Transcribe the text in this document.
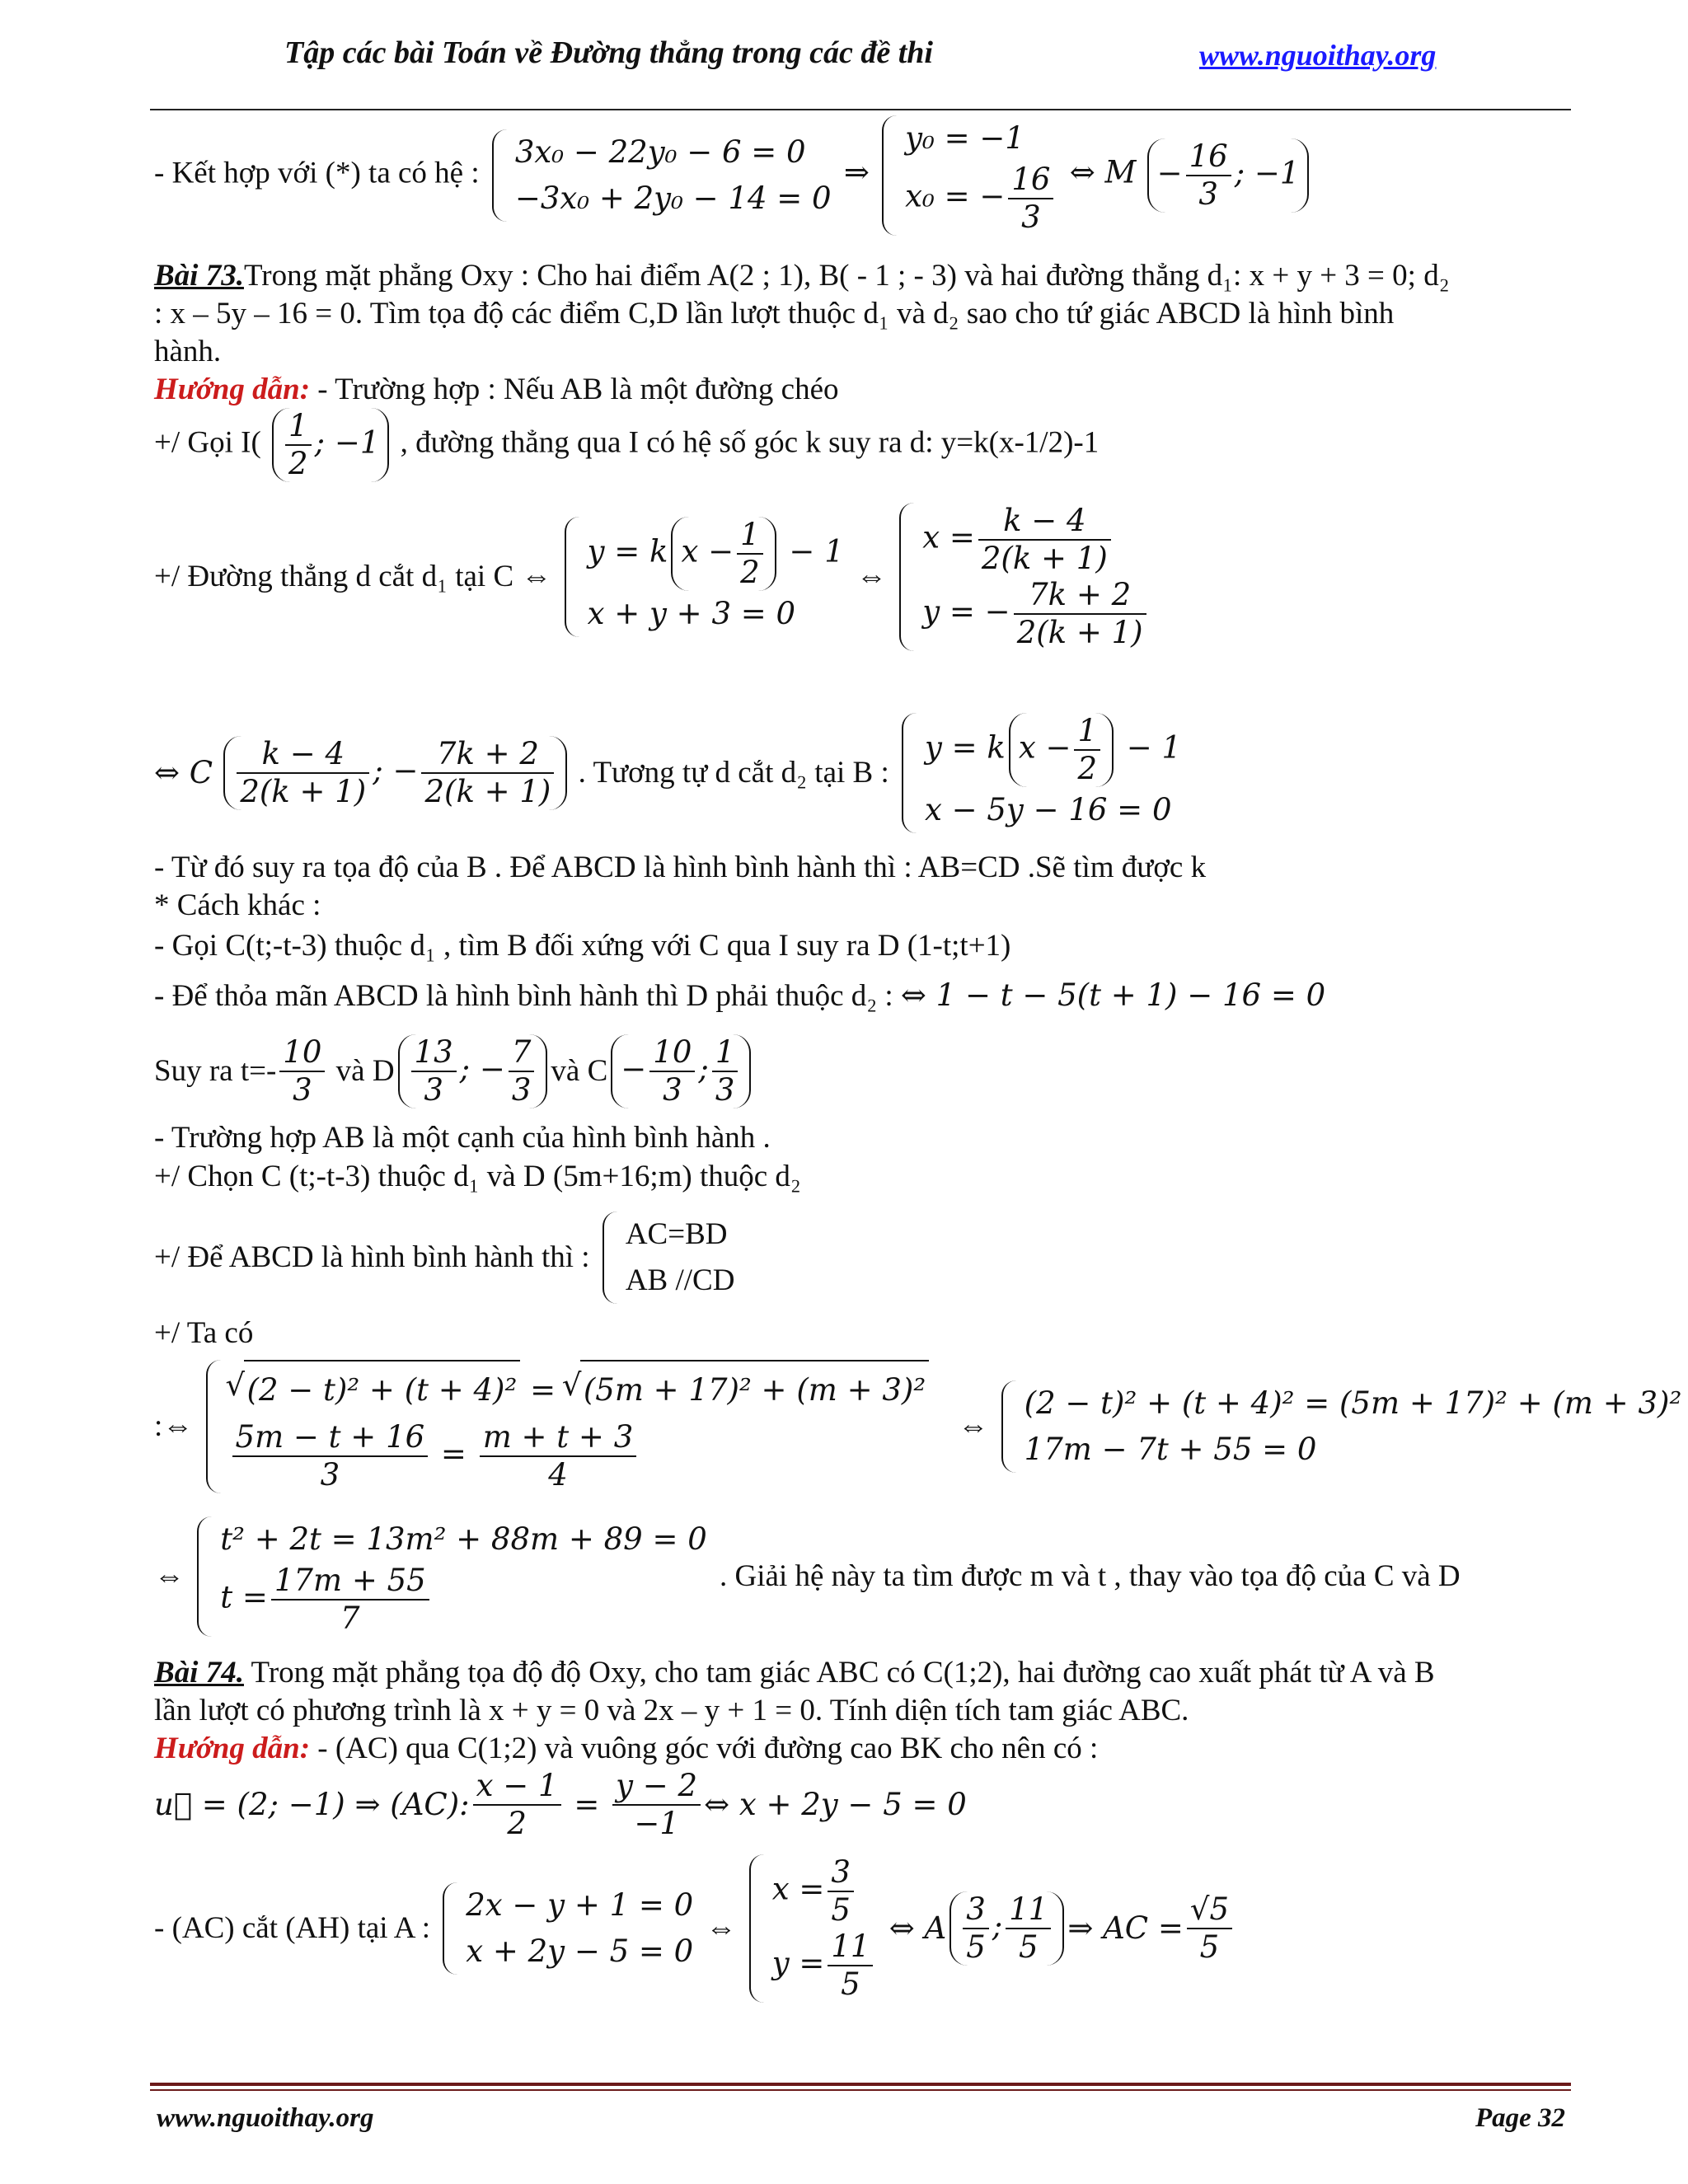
Tập các bài Toán về Đường thẳng trong các đề thi	www.nguoithay.org
- Kết hợp với (*) ta có hệ :
3x₀ − 22y₀ − 6 = 0
−3x₀ + 2y₀ − 14 = 0
⇒
y₀ = −1
x₀ = − $\frac{16}{3}$ ⇔ $M - \frac{16}{3}$ ; −1
Bài 73.Trong mặt phẳng Oxy : Cho hai điểm A(2 ; 1), B( - 1 ; - 3) và hai đường thẳng d₁: x + y + 3 = 0; d₂
: x – 5y – 16 = 0. Tìm tọa độ các điểm C,D lần lượt thuộc d₁ và d₂ sao cho tứ giác ABCD là hình bình
hành.
Hướng dẫn: - Trường hợp : Nếu AB là một đường chéo
+/ Gọi $I( \frac{1}{2}$ ; −1 , đường thẳng qua I có hệ số góc k suy ra d: y=k(x-1/2)-1
+/ Đường thẳng d cắt d₁ tại C ⇔
y = k $x - \frac{1}{2} - 1$
x + y + 3 = 0
⇔
$x = \frac{k - 4}{2(k + 1)}$
y = − $\frac{7k + 2}{2(k + 1)}$
⇔ C $\frac{k - 4}{2(k + 1)}$ ; − $\frac{7k + 2}{2(k + 1)}$ . Tương tự d cắt d₂ tại B :
y = k $x - \frac{1}{2} - 1$
x − 5y − 16 = 0
- Từ đó suy ra tọa độ của B . Để ABCD là hình bình hành thì : AB=CD .Sẽ tìm được k
* Cách khác :
- Gọi C(t;-t-3) thuộc d₁ , tìm B đối xứng với C qua I suy ra D (1-t;t+1)
- Để thỏa mãn ABCD là hình bình hành thì D phải thuộc d₂ : ⇔ 1 − t − 5(t + 1) − 16 = 0
Suy ra $t=- \frac{10}{3}$ và D $\frac{13}{3}$ ; − $\frac{7}{3}$ và $C - \frac{10}{3}$ ; $\frac{1}{3}$
- Trường hợp AB là một cạnh của hình bình hành .
+/ Chọn C (t;-t-3) thuộc d₁ và D (5m+16;m) thuộc d₂
+/ Để ABCD là hình bình hành thì :
AC=BD
AB //CD
+/ Ta có
:⇔
√ (2 − t)² + (t + 4)² = √ (5m + 17)² + (m + 3)²
$\frac{5m - t + 16}{3} = \frac{m + t + 3}{4}$	⇔
(2 − t)² + (t + 4)² = (5m + 17)² + (m + 3)²
17m − 7t + 55 = 0
⇔
t² + 2t = 13m² + 88m + 89 = 0
$t = \frac{17m + 55}{7}$	. Giải hệ này ta tìm được m và t , thay vào tọa độ của C và D
Bài 74. Trong mặt phẳng tọa độ độ Oxy, cho tam giác ABC có C(1;2), hai đường cao xuất phát từ A và B
lần lượt có phương trình là x + y = 0 và 2x – y + 1 = 0. Tính diện tích tam giác ABC.
Hướng dẫn: - (AC) qua C(1;2) và vuông góc với đường cao BK cho nên có :
u⃗ = (2; −1) ⇒ (AC): $\frac{x - 1}{2} = \frac{y - 2}{-1}$ ⇔ x + 2y − 5 = 0
- (AC) cắt (AH) tại A :
2x − y + 1 = 0
x + 2y − 5 = 0
⇔
$x = \frac{3}{5}$
$y = \frac{11}{5}$
⇔ A $\frac{3}{5}$ ; $\frac{11}{5}$ ⇒ AC = $\frac{√5}{5}$
www.nguoithay.org	Page 32
